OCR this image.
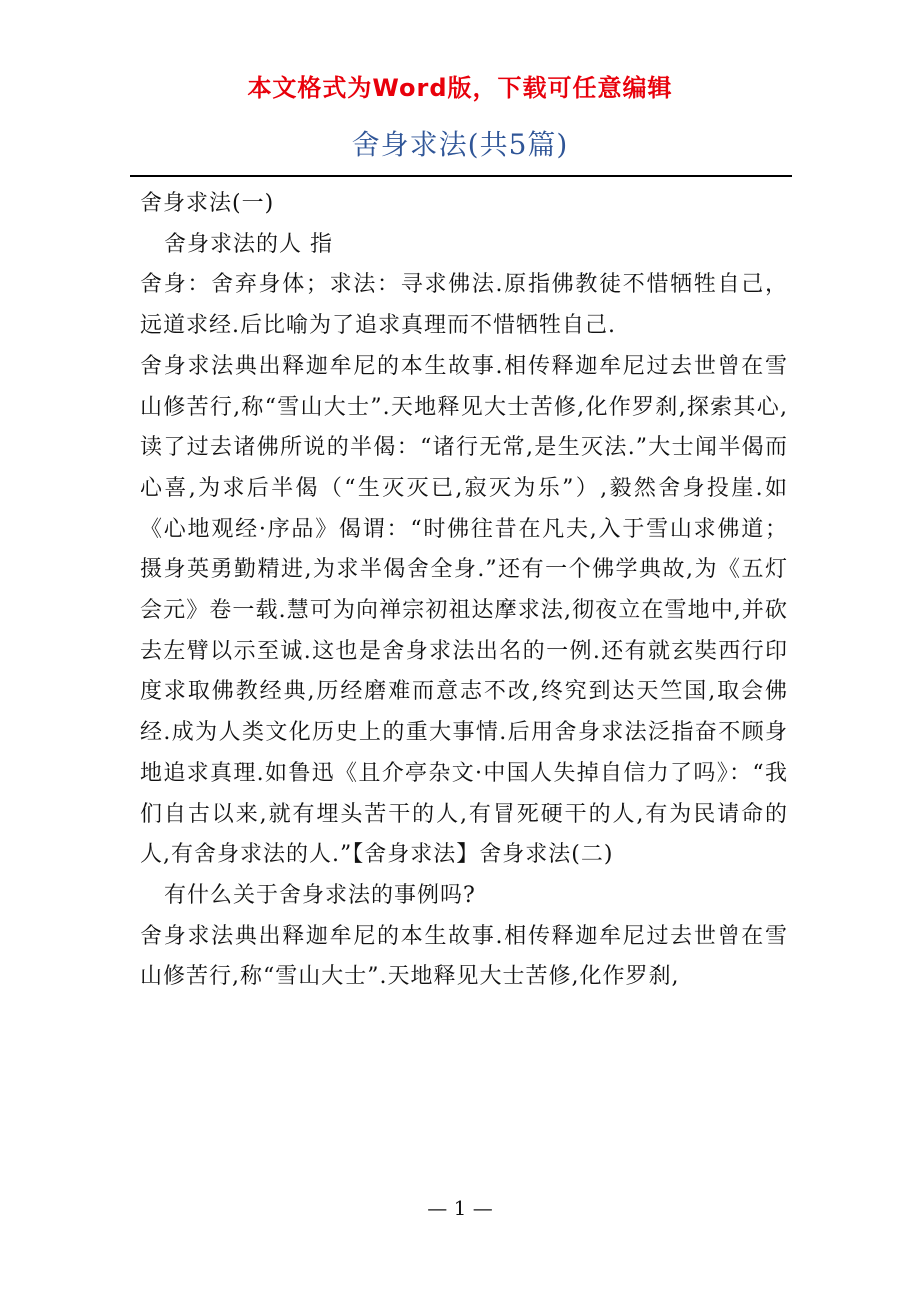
本文格式为Word版，下载可任意编辑
舍身求法(共5篇)

舍身求法(一)

舍身求法的人 指

舍身：舍弃身体；求法：寻求佛法.原指佛教徒不惜牺牲自己，远道求经.后比喻为了追求真理而不惜牺牲自己.

舍身求法典出释迦牟尼的本生故事.相传释迦牟尼过去世曾在雪山修苦行,称“雪山大士”.天地释见大士苦修,化作罗刹,探索其心,读了过去诸佛所说的半偈：“诸行无常,是生灭法.”大士闻半偈而心喜,为求后半偈（“生灭灭已,寂灭为乐”）,毅然舍身投崖.如《心地观经·序品》偈谓：“时佛往昔在凡夫,入于雪山求佛道；摄身英勇勤精进,为求半偈舍全身.”还有一个佛学典故,为《五灯会元》卷一载.慧可为向禅宗初祖达摩求法,彻夜立在雪地中,并砍去左臂以示至诚.这也是舍身求法出名的一例.还有就玄奘西行印度求取佛教经典,历经磨难而意志不改,终究到达天竺国,取会佛经.成为人类文化历史上的重大事情.后用舍身求法泛指奋不顾身地追求真理.如鲁迅《且介亭杂文·中国人失掉自信力了吗》：“我们自古以来,就有埋头苦干的人,有冒死硬干的人,有为民请命的人,有舍身求法的人.”【舍身求法】舍身求法(二)

有什么关于舍身求法的事例吗?

舍身求法典出释迦牟尼的本生故事.相传释迦牟尼过去世曾在雪山修苦行,称“雪山大士”.天地释见大士苦修,化作罗刹,

— 1 —
